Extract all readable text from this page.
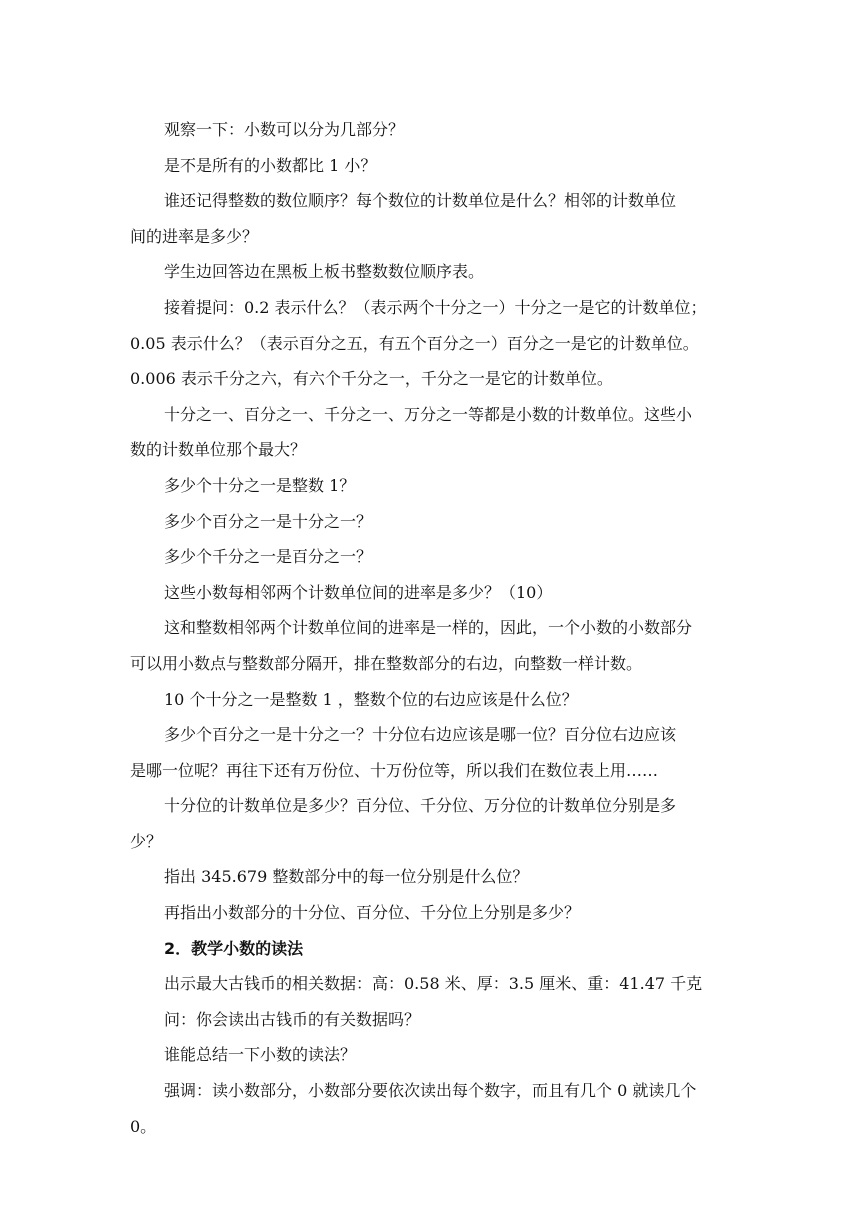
观察一下：小数可以分为几部分？

是不是所有的小数都比 1 小？

谁还记得整数的数位顺序？每个数位的计数单位是什么？相邻的计数单位
间的进率是多少？

学生边回答边在黑板上板书整数数位顺序表。

接着提问：0.2 表示什么？（表示两个十分之一）十分之一是它的计数单位；
0.05 表示什么？（表示百分之五，有五个百分之一）百分之一是它的计数单位。
0.006 表示千分之六，有六个千分之一，千分之一是它的计数单位。

十分之一、百分之一、千分之一、万分之一等都是小数的计数单位。这些小
数的计数单位那个最大？

多少个十分之一是整数 1？

多少个百分之一是十分之一？

多少个千分之一是百分之一？

这些小数每相邻两个计数单位间的进率是多少？（10）

这和整数相邻两个计数单位间的进率是一样的，因此，一个小数的小数部分
可以用小数点与整数部分隔开，排在整数部分的右边，向整数一样计数。

10 个十分之一是整数 1 ，整数个位的右边应该是什么位？

多少个百分之一是十分之一？十分位右边应该是哪一位？百分位右边应该
是哪一位呢？再往下还有万份位、十万份位等，所以我们在数位表上用……

十分位的计数单位是多少？百分位、千分位、万分位的计数单位分别是多
少？

指出 345.679 整数部分中的每一位分别是什么位？

再指出小数部分的十分位、百分位、千分位上分别是多少？

2．教学小数的读法

出示最大古钱币的相关数据：高：0.58 米、厚：3.5 厘米、重：41.47 千克

问：你会读出古钱币的有关数据吗？

谁能总结一下小数的读法？

强调：读小数部分，小数部分要依次读出每个数字，而且有几个 0 就读几个
0。
